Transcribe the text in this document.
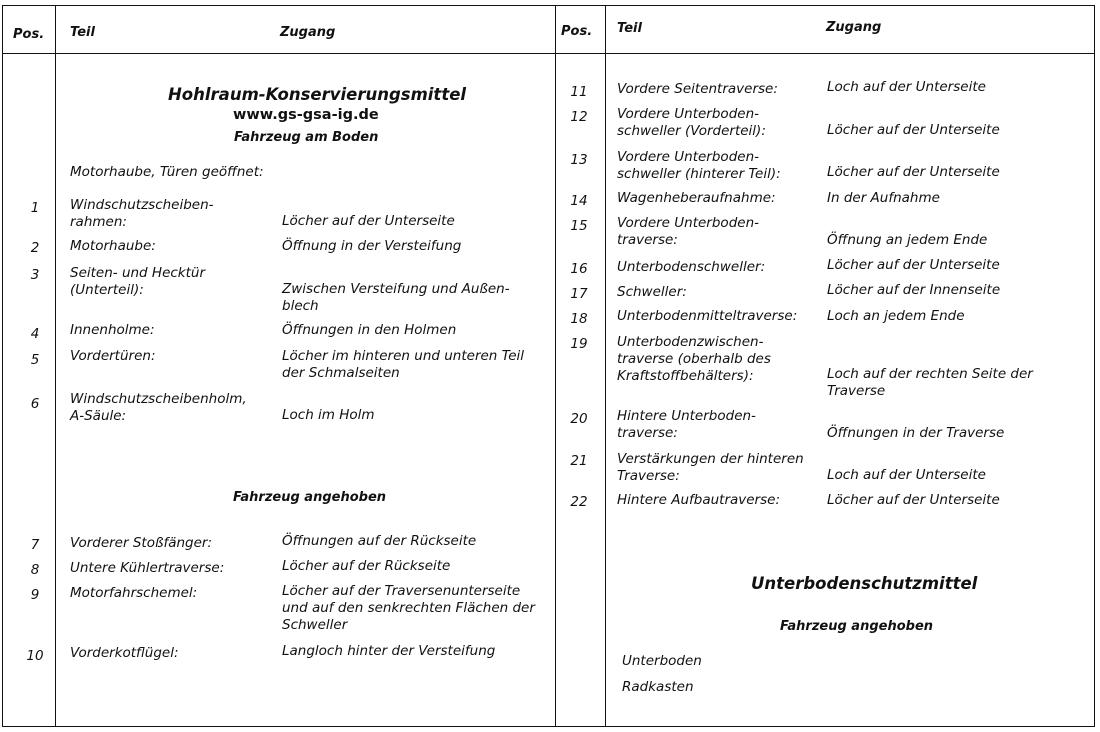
Pos. Teil	Zugang	Pos. Teil	Zugang
Hohlraum-Konservierungsmittel
www.gs-gsa-ig.de
Fahrzeug am Boden
Motorhaube, Türen geöffnet:
Fahrzeug angehoben
Unterbodenschutzmittel
Fahrzeug angehoben
Unterboden
Radkasten
1	Windschutzscheiben-
rahmen:	Löcher auf der Unterseite
2	Motorhaube:	Öffnung in der Versteifung
3	Seiten- und Hecktür
(Unterteil):	Zwischen Versteifung und Außen-
blech
4	Innenholme:	Öffnungen in den Holmen
5	Vordertüren:	Löcher im hinteren und unteren Teil
der Schmalseiten
6	Windschutzscheibenholm,
A-Säule:	Loch im Holm
7	Vorderer Stoßfänger:	Öffnungen auf der Rückseite
8	Untere Kühlertraverse:	Löcher auf der Rückseite
9	Motorfahrschemel:	Löcher auf der Traversenunterseite
und auf den senkrechten Flächen der
Schweller
10	Vorderkotflügel:	Langloch hinter der Versteifung
11	Vordere Seitentraverse:	Loch auf der Unterseite
12	Vordere Unterboden-
schweller (Vorderteil):	Löcher auf der Unterseite
13	Vordere Unterboden-
schweller (hinterer Teil):	Löcher auf der Unterseite
14	Wagenheberaufnahme:	In der Aufnahme
15	Vordere Unterboden-
traverse:	Öffnung an jedem Ende
16	Unterbodenschweller:	Löcher auf der Unterseite
17	Schweller:	Löcher auf der Innenseite
18	Unterbodenmitteltraverse: Loch an jedem Ende
19	Unterbodenzwischen-
traverse (oberhalb des
Kraftstoffbehälters):	Loch auf der rechten Seite der
Traverse
20	Hintere Unterboden-
traverse:	Öffnungen in der Traverse
21	Verstärkungen der hinteren
Traverse:	Loch auf der Unterseite
22	Hintere Aufbautraverse:	Löcher auf der Unterseite
